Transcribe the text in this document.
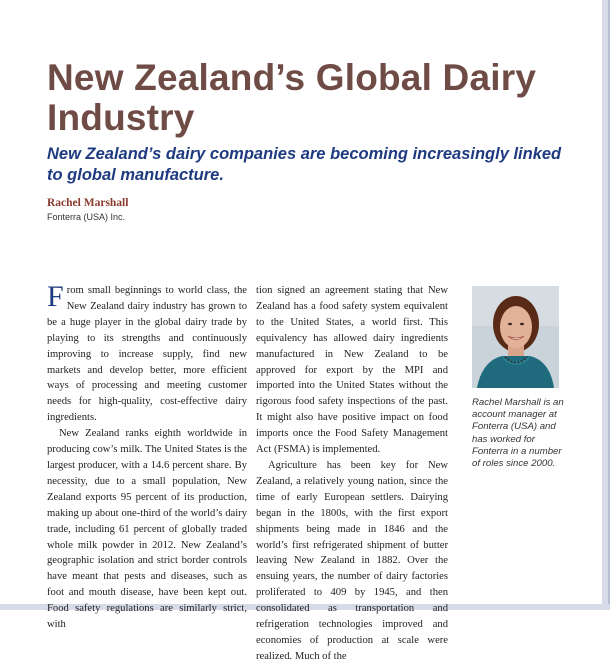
New Zealand’s Global Dairy Industry
New Zealand’s dairy companies are becoming increasingly linked to global manufacture.
Rachel Marshall
Fonterra (USA) Inc.

From small beginnings to world class, the New Zealand dairy industry has grown to be a huge player in the global dairy trade by playing to its strengths and continuously improving to increase supply, find new markets and develop better, more efficient ways of processing and meeting customer needs for high-quality, cost-effective dairy ingredients.

New Zealand ranks eighth worldwide in producing cow’s milk. The United States is the largest producer, with a 14.6 percent share. By necessity, due to a small population, New Zealand exports 95 percent of its production, making up about one-third of the world’s dairy trade, including 61 percent of globally traded whole milk powder in 2012. New Zealand’s geographic isolation and strict border controls have meant that pests and diseases, such as foot and mouth disease, have been kept out. Food safety regulations are similarly strict, with

tion signed an agreement stating that New Zealand has a food safety system equivalent to the United States, a world first. This equivalency has allowed dairy ingredients manufactured in New Zealand to be approved for export by the MPI and imported into the United States without the rigorous food safety inspections of the past. It might also have positive impact on food imports once the Food Safety Management Act (FSMA) is implemented.

Agriculture has been key for New Zealand, a relatively young nation, since the time of early European settlers. Dairying began in the 1800s, with the first export shipments being made in 1846 and the world’s first refrigerated shipment of butter leaving New Zealand in 1882. Over the ensuing years, the number of dairy factories proliferated to 409 by 1945, and then consolidated as transportation and refrigeration technologies improved and economies of production at scale were realized. Much of the

Rachel Marshall is an account manager at Fonterra (USA) and has worked for Fonterra in a number of roles since 2000.
